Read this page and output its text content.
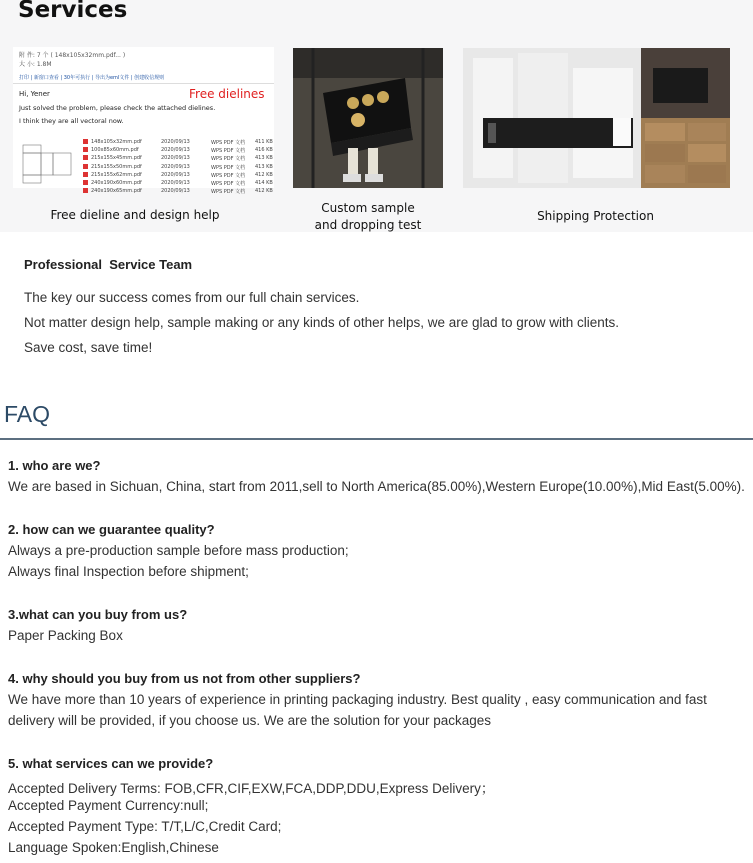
Services
附 件: 7 个 ( 148x105x32mm.pdf... )
大 小: 1.8M
打印 | 新窗口查看 | 30年可执行 | 导出为eml文件 | 创建收信规则
Hi, Yener	Free dielines
Just solved the problem, please check the attached dielines.
I think they are all vectoral now.
148x105x32mm.pdf	2020/09/13	WPS PDF 文档 411 KB
100x85x60mm.pdf	2020/09/13	WPS PDF 文档 416 KB
215x155x45mm.pdf	2020/09/13	WPS PDF 文档 413 KB
215x155x50mm.pdf	2020/09/13	WPS PDF 文档 413 KB
215x155x62mm.pdf	2020/09/13	WPS PDF 文档 412 KB
240x190x60mm.pdf	2020/09/13	WPS PDF 文档 414 KB
240x190x65mm.pdf	2020/09/13	WPS PDF 文档 412 KB
Free dieline and design help	Custom sample
and dropping test
Shipping Protection
Professional  Service Team

The key our success comes from our full chain services.

Not matter design help, sample making or any kinds of other helps, we are glad to grow with clients.

Save cost, save time!

FAQ

1. who are we?

We are based in Sichuan, China, start from 2011,sell to North America(85.00%),Western Europe(10.00%),Mid East(5.00%).

2. how can we guarantee quality?

Always a pre-production sample before mass production;

Always final Inspection before shipment;

3.what can you buy from us?

Paper Packing Box

4. why should you buy from us not from other suppliers?

We have more than 10 years of experience in printing packaging industry. Best quality , easy communication and fast

delivery will be provided, if you choose us. We are the solution for your packages

5. what services can we provide?

Accepted Delivery Terms: FOB,CFR,CIF,EXW,FCA,DDP,DDU,Express Delivery；

Accepted Payment Currency:null;

Accepted Payment Type: T/T,L/C,Credit Card;

Language Spoken:English,Chinese
